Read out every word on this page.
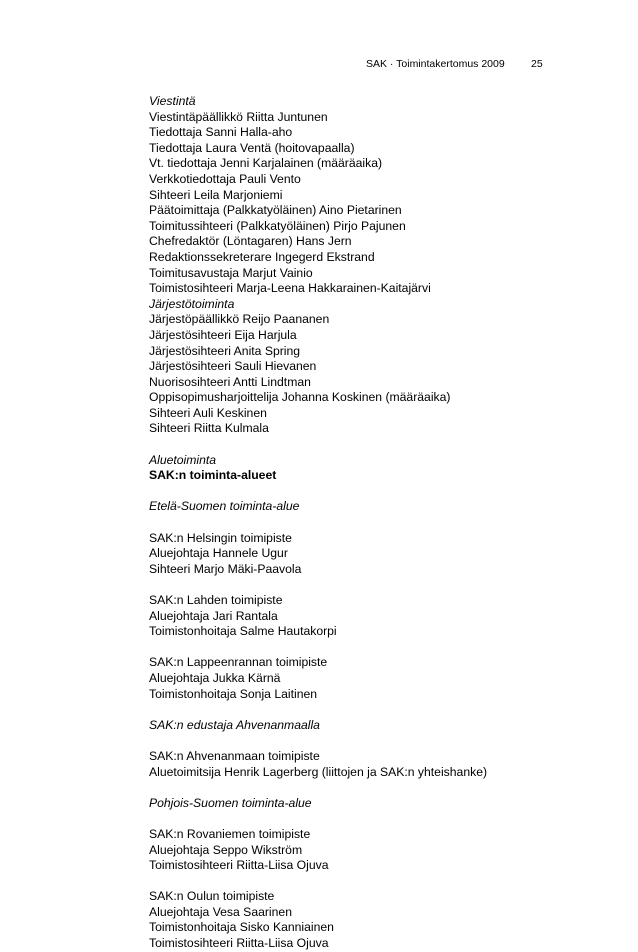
SAK · Toimintakertomus 2009	25
Viestintä
Viestintäpäällikkö Riitta Juntunen
Tiedottaja Sanni Halla-aho
Tiedottaja Laura Ventä (hoitovapaalla)
Vt. tiedottaja Jenni Karjalainen (määräaika)
Verkkotiedottaja Pauli Vento
Sihteeri Leila Marjoniemi
Päätoimittaja (Palkkatyöläinen) Aino Pietarinen
Toimitussihteeri (Palkkatyöläinen) Pirjo Pajunen
Chefredaktör (Löntagaren) Hans Jern
Redaktionssekreterare Ingegerd Ekstrand
Toimitusavustaja Marjut Vainio
Toimistosihteeri Marja-Leena Hakkarainen-Kaitajärvi
Järjestötoiminta
Järjestöpäällikkö Reijo Paananen
Järjestösihteeri Eija Harjula
Järjestösihteeri Anita Spring
Järjestösihteeri Sauli Hievanen
Nuorisosihteeri Antti Lindtman
Oppisopimusharjoittelija Johanna Koskinen (määräaika)
Sihteeri Auli Keskinen
Sihteeri Riitta Kulmala
Aluetoiminta
SAK:n toiminta-alueet
Etelä-Suomen toiminta-alue
SAK:n Helsingin toimipiste
Aluejohtaja Hannele Ugur
Sihteeri Marjo Mäki-Paavola
SAK:n Lahden toimipiste
Aluejohtaja Jari Rantala
Toimistonhoitaja Salme Hautakorpi
SAK:n Lappeenrannan toimipiste
Aluejohtaja Jukka Kärnä
Toimistonhoitaja Sonja Laitinen
SAK:n edustaja Ahvenanmaalla
SAK:n Ahvenanmaan toimipiste
Aluetoimitsija Henrik Lagerberg (liittojen ja SAK:n yhteishanke)
Pohjois-Suomen toiminta-alue
SAK:n Rovaniemen toimipiste
Aluejohtaja Seppo Wikström
Toimistosihteeri Riitta-Liisa Ojuva
SAK:n Oulun toimipiste
Aluejohtaja Vesa Saarinen
Toimistonhoitaja Sisko Kanniainen
Toimistosihteeri Riitta-Liisa Ojuva
